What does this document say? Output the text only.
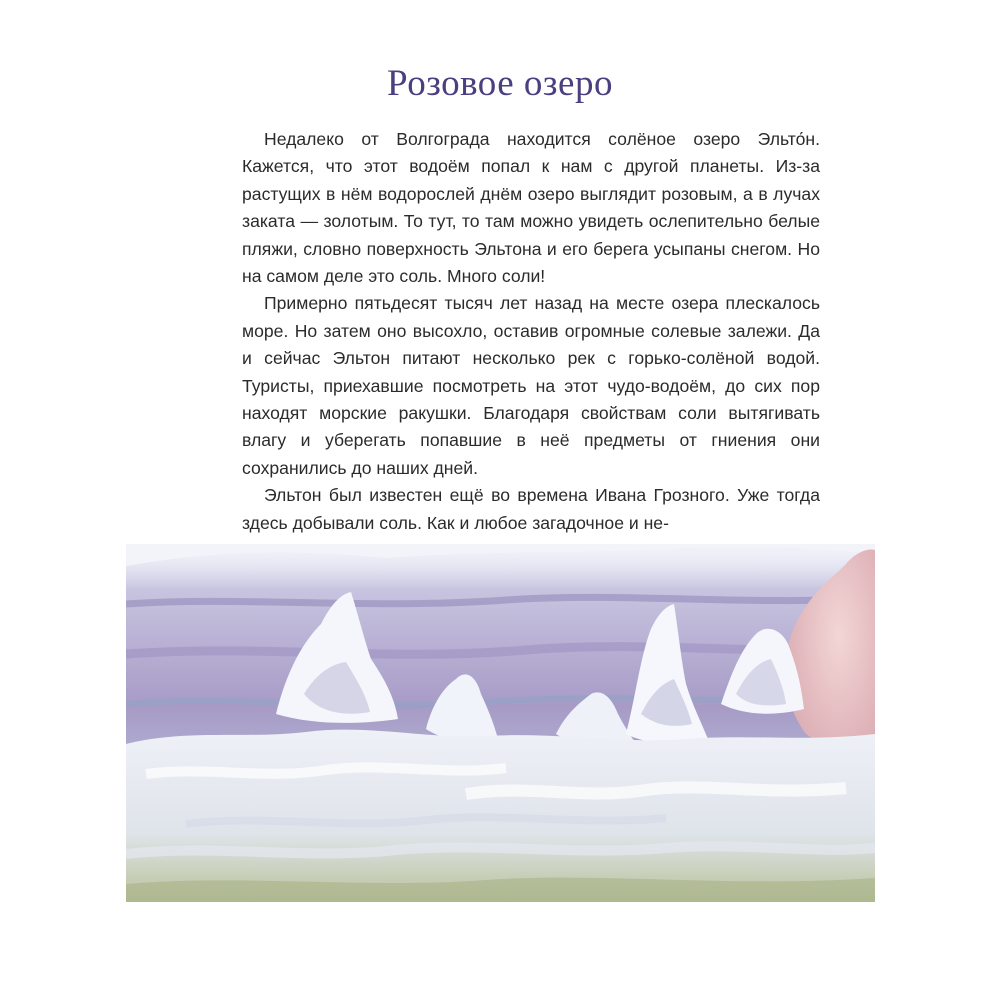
Розовое озеро

Недалеко от Волгограда находится солёное озеро Эльто́н. Кажется, что этот водоём попал к нам с другой планеты. Из-за растущих в нём водорослей днём озеро выглядит розовым, а в лучах заката — золотым. То тут, то там можно увидеть ослепительно белые пляжи, словно поверхность Эльтона и его берега усыпаны снегом. Но на самом деле это соль. Много соли!

Примерно пятьдесят тысяч лет назад на месте озера плескалось море. Но затем оно высохло, оставив огромные солевые залежи. Да и сейчас Эльтон питают несколько рек с горько-солёной водой. Туристы, приехавшие посмотреть на этот чудо-водоём, до сих пор находят морские ракушки. Благодаря свойствам соли вытягивать влагу и уберегать попавшие в неё предметы от гниения они сохранились до наших дней.

Эльтон был известен ещё во времена Ивана Грозного. Уже тогда здесь добывали соль. Как и любое загадочное и не-
